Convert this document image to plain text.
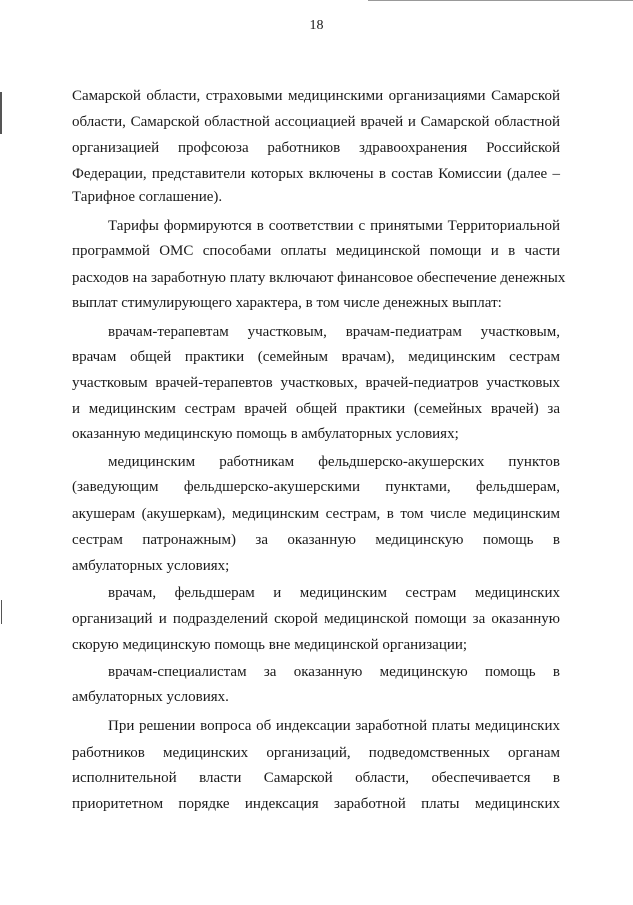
18
Самарской области, страховыми медицинскими организациями Самарской
области, Самарской областной ассоциацией врачей и Самарской областной
организацией профсоюза работников здравоохранения Российской
Федерации, представители которых включены в состав Комиссии (далее –
Тарифное соглашение).
Тарифы формируются в соответствии с принятыми Территориальной
программой ОМС способами оплаты медицинской помощи и в части
расходов на заработную плату включают финансовое обеспечение денежных
выплат стимулирующего характера, в том числе денежных выплат:
врачам-терапевтам участковым, врачам-педиатрам участковым,
врачам общей практики (семейным врачам), медицинским сестрам
участковым врачей-терапевтов участковых, врачей-педиатров участковых
и медицинским сестрам врачей общей практики (семейных врачей) за
оказанную медицинскую помощь в амбулаторных условиях;
медицинским работникам фельдшерско-акушерских пунктов
(заведующим фельдшерско-акушерскими пунктами, фельдшерам,
акушерам (акушеркам), медицинским сестрам, в том числе медицинским
сестрам патронажным) за оказанную медицинскую помощь в
амбулаторных условиях;
врачам, фельдшерам и медицинским сестрам медицинских
организаций и подразделений скорой медицинской помощи за оказанную
скорую медицинскую помощь вне медицинской организации;
врачам-специалистам за оказанную медицинскую помощь в
амбулаторных условиях.
При решении вопроса об индексации заработной платы медицинских
работников медицинских организаций, подведомственных органам
исполнительной власти Самарской области, обеспечивается в
приоритетном порядке индексация заработной платы медицинских
